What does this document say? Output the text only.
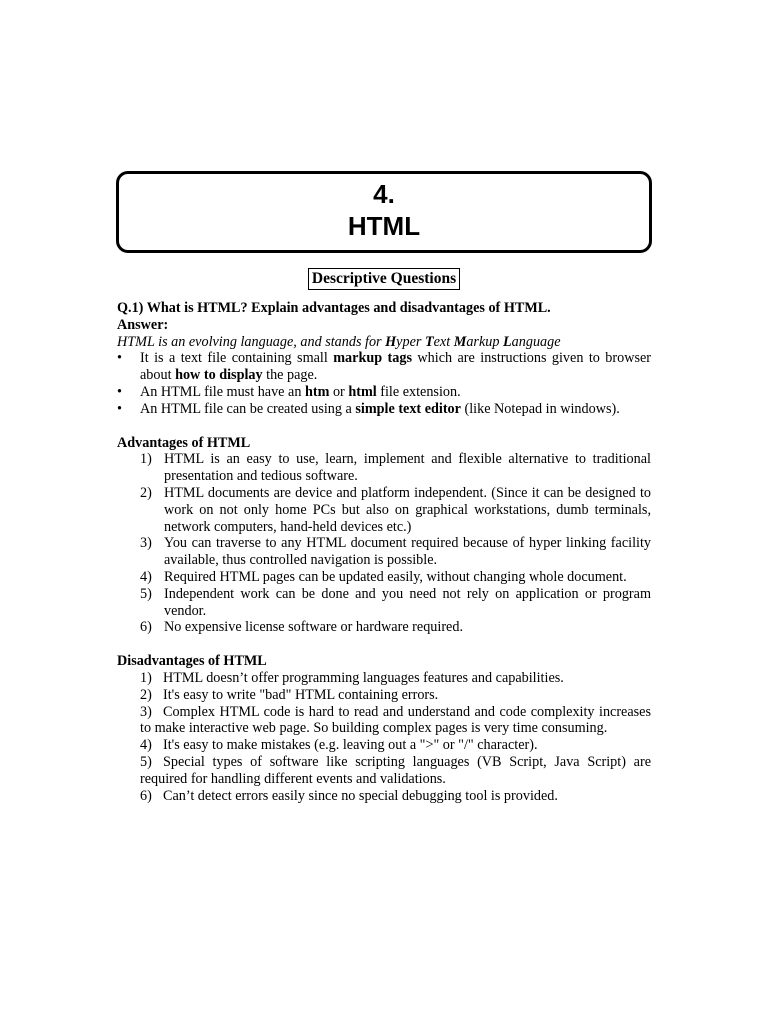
4.
HTML
Descriptive Questions

Q.1) What is HTML? Explain advantages and disadvantages of HTML.

Answer:

HTML is an evolving language, and stands for Hyper Text Markup Language

• It is a text file containing small markup tags which are instructions given to browser about how to display the page.
• An HTML file must have an htm or html file extension.
• An HTML file can be created using a simple text editor (like Notepad in windows).

Advantages of HTML

1) HTML is an easy to use, learn, implement and flexible alternative to traditional presentation and tedious software.
2) HTML documents are device and platform independent. (Since it can be designed to work on not only home PCs but also on graphical workstations, dumb terminals, network computers, hand-held devices etc.)
3) You can traverse to any HTML document required because of hyper linking facility available, thus controlled navigation is possible.
4) Required HTML pages can be updated easily, without changing whole document.
5) Independent work can be done and you need not rely on application or program vendor.
6) No expensive license software or hardware required.

Disadvantages of HTML

1) HTML doesn’t offer programming languages features and capabilities.
2) It's easy to write "bad" HTML containing errors.
3) Complex HTML code is hard to read and understand and code complexity increases to make interactive web page. So building complex pages is very time consuming.
4) It's easy to make mistakes (e.g. leaving out a ">" or "/" character).
5) Special types of software like scripting languages (VB Script, Java Script) are required for handling different events and validations.
6) Can’t detect errors easily since no special debugging tool is provided.
